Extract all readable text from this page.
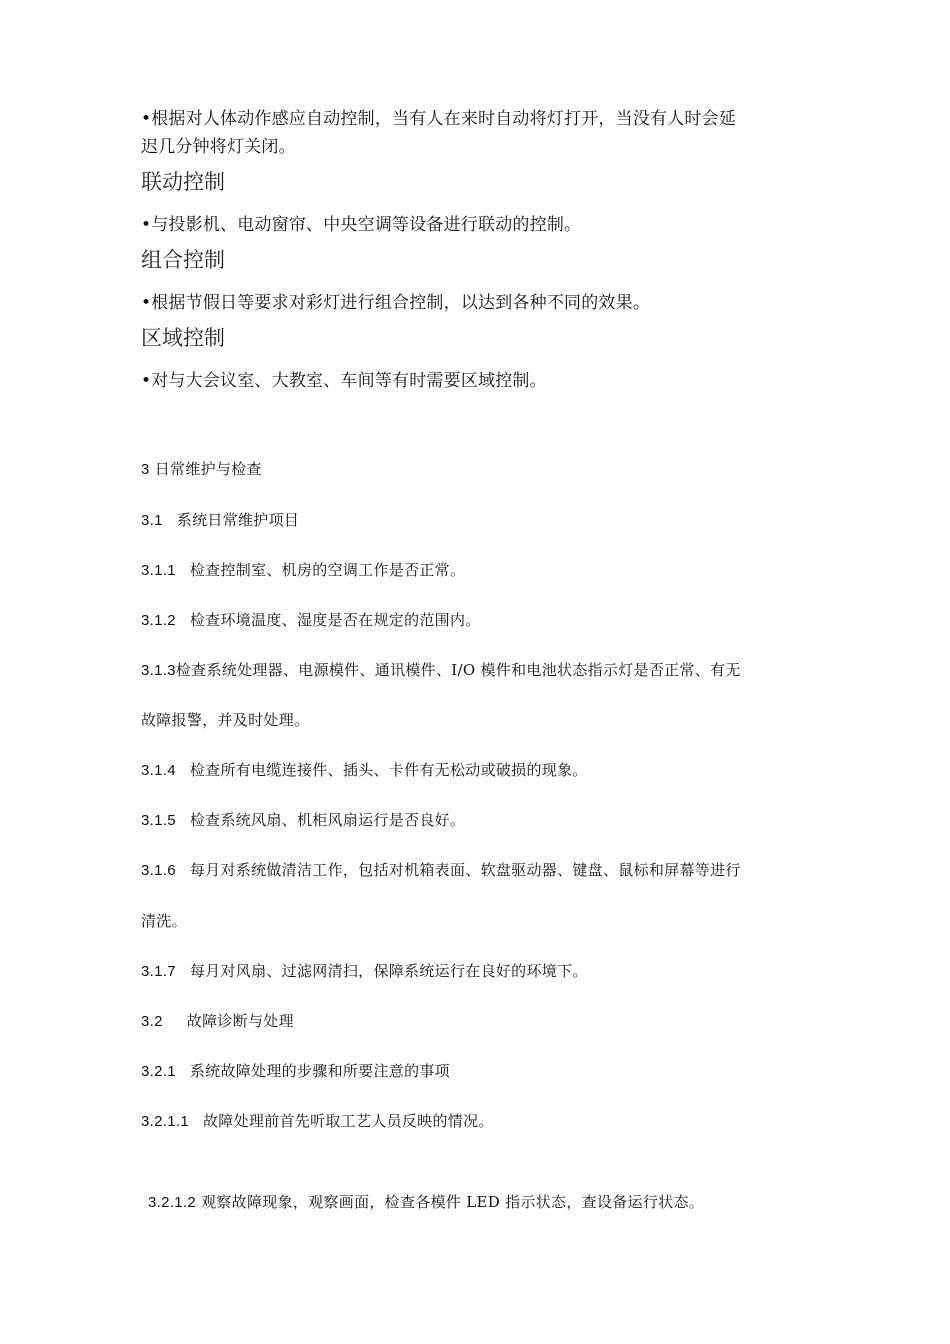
•根据对人体动作感应自动控制，当有人在来时自动将灯打开，当没有人时会延

迟几分钟将灯关闭。

联动控制

•与投影机、电动窗帘、中央空调等设备进行联动的控制。

组合控制

•根据节假日等要求对彩灯进行组合控制，以达到各种不同的效果。

区域控制

•对与大会议室、大教室、车间等有时需要区域控制。

3 日常维护与检查

3.1 系统日常维护项目

3.1.1 检查控制室、机房的空调工作是否正常。

3.1.2 检查环境温度、湿度是否在规定的范围内。

3.1.3检查系统处理器、电源模件、通讯模件、I/O 模件和电池状态指示灯是否正常、有无

故障报警，并及时处理。

3.1.4 检查所有电缆连接件、插头、卡件有无松动或破损的现象。

3.1.5 检查系统风扇、机柜风扇运行是否良好。

3.1.6 每月对系统做清洁工作，包括对机箱表面、软盘驱动器、键盘、鼠标和屏幕等进行

清洗。

3.1.7 每月对风扇、过滤网清扫，保障系统运行在良好的环境下。

3.2 故障诊断与处理

3.2.1 系统故障处理的步骤和所要注意的事项

3.2.1.1 故障处理前首先听取工艺人员反映的情况。

3.2.1.2 观察故障现象，观察画面，检查各模件 LED 指示状态，查设备运行状态。
